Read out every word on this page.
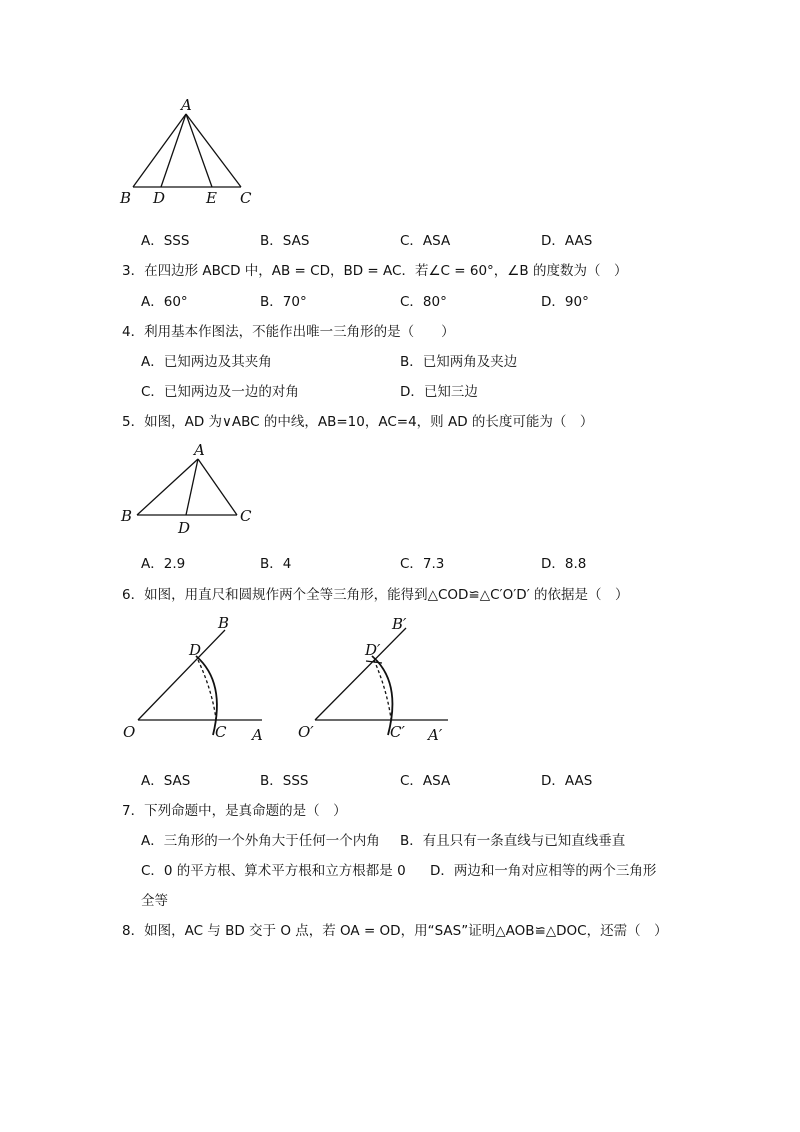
A
B D	E C
A．SSS	B．SAS	C．ASA	D．AAS
3．在四边形 ABCD 中，AB = CD，BD = AC．若∠C = 60°，∠B 的度数为（　）
A．60°	B．70°	C．80°	D．90°
4．利用基本作图法，不能作出唯一三角形的是（　　）
A．已知两边及其夹角	B．已知两角及夹边
C．已知两边及一边的对角	D．已知三边
5．如图，AD 为∨ABC 的中线，AB=10，AC=4，则 AD 的长度可能为（　）
A
B
D
C
A．2.9	B．4	C．7.3	D．8.8
6．如图，用直尺和圆规作两个全等三角形，能得到△COD≌△C′O′D′ 的依据是（　）
B
D
O	C A
B′
D′
O′	C′ A′
A．SAS	B．SSS	C．ASA	D．AAS
7．下列命题中，是真命题的是（　）
A．三角形的一个外角大于任何一个内角 B．有且只有一条直线与已知直线垂直
C．0 的平方根、算术平方根和立方根都是 0 D．两边和一角对应相等的两个三角形
全等
8．如图，AC 与 BD 交于 O 点，若 OA = OD，用“SAS”证明△AOB≌△DOC，还需（　）
